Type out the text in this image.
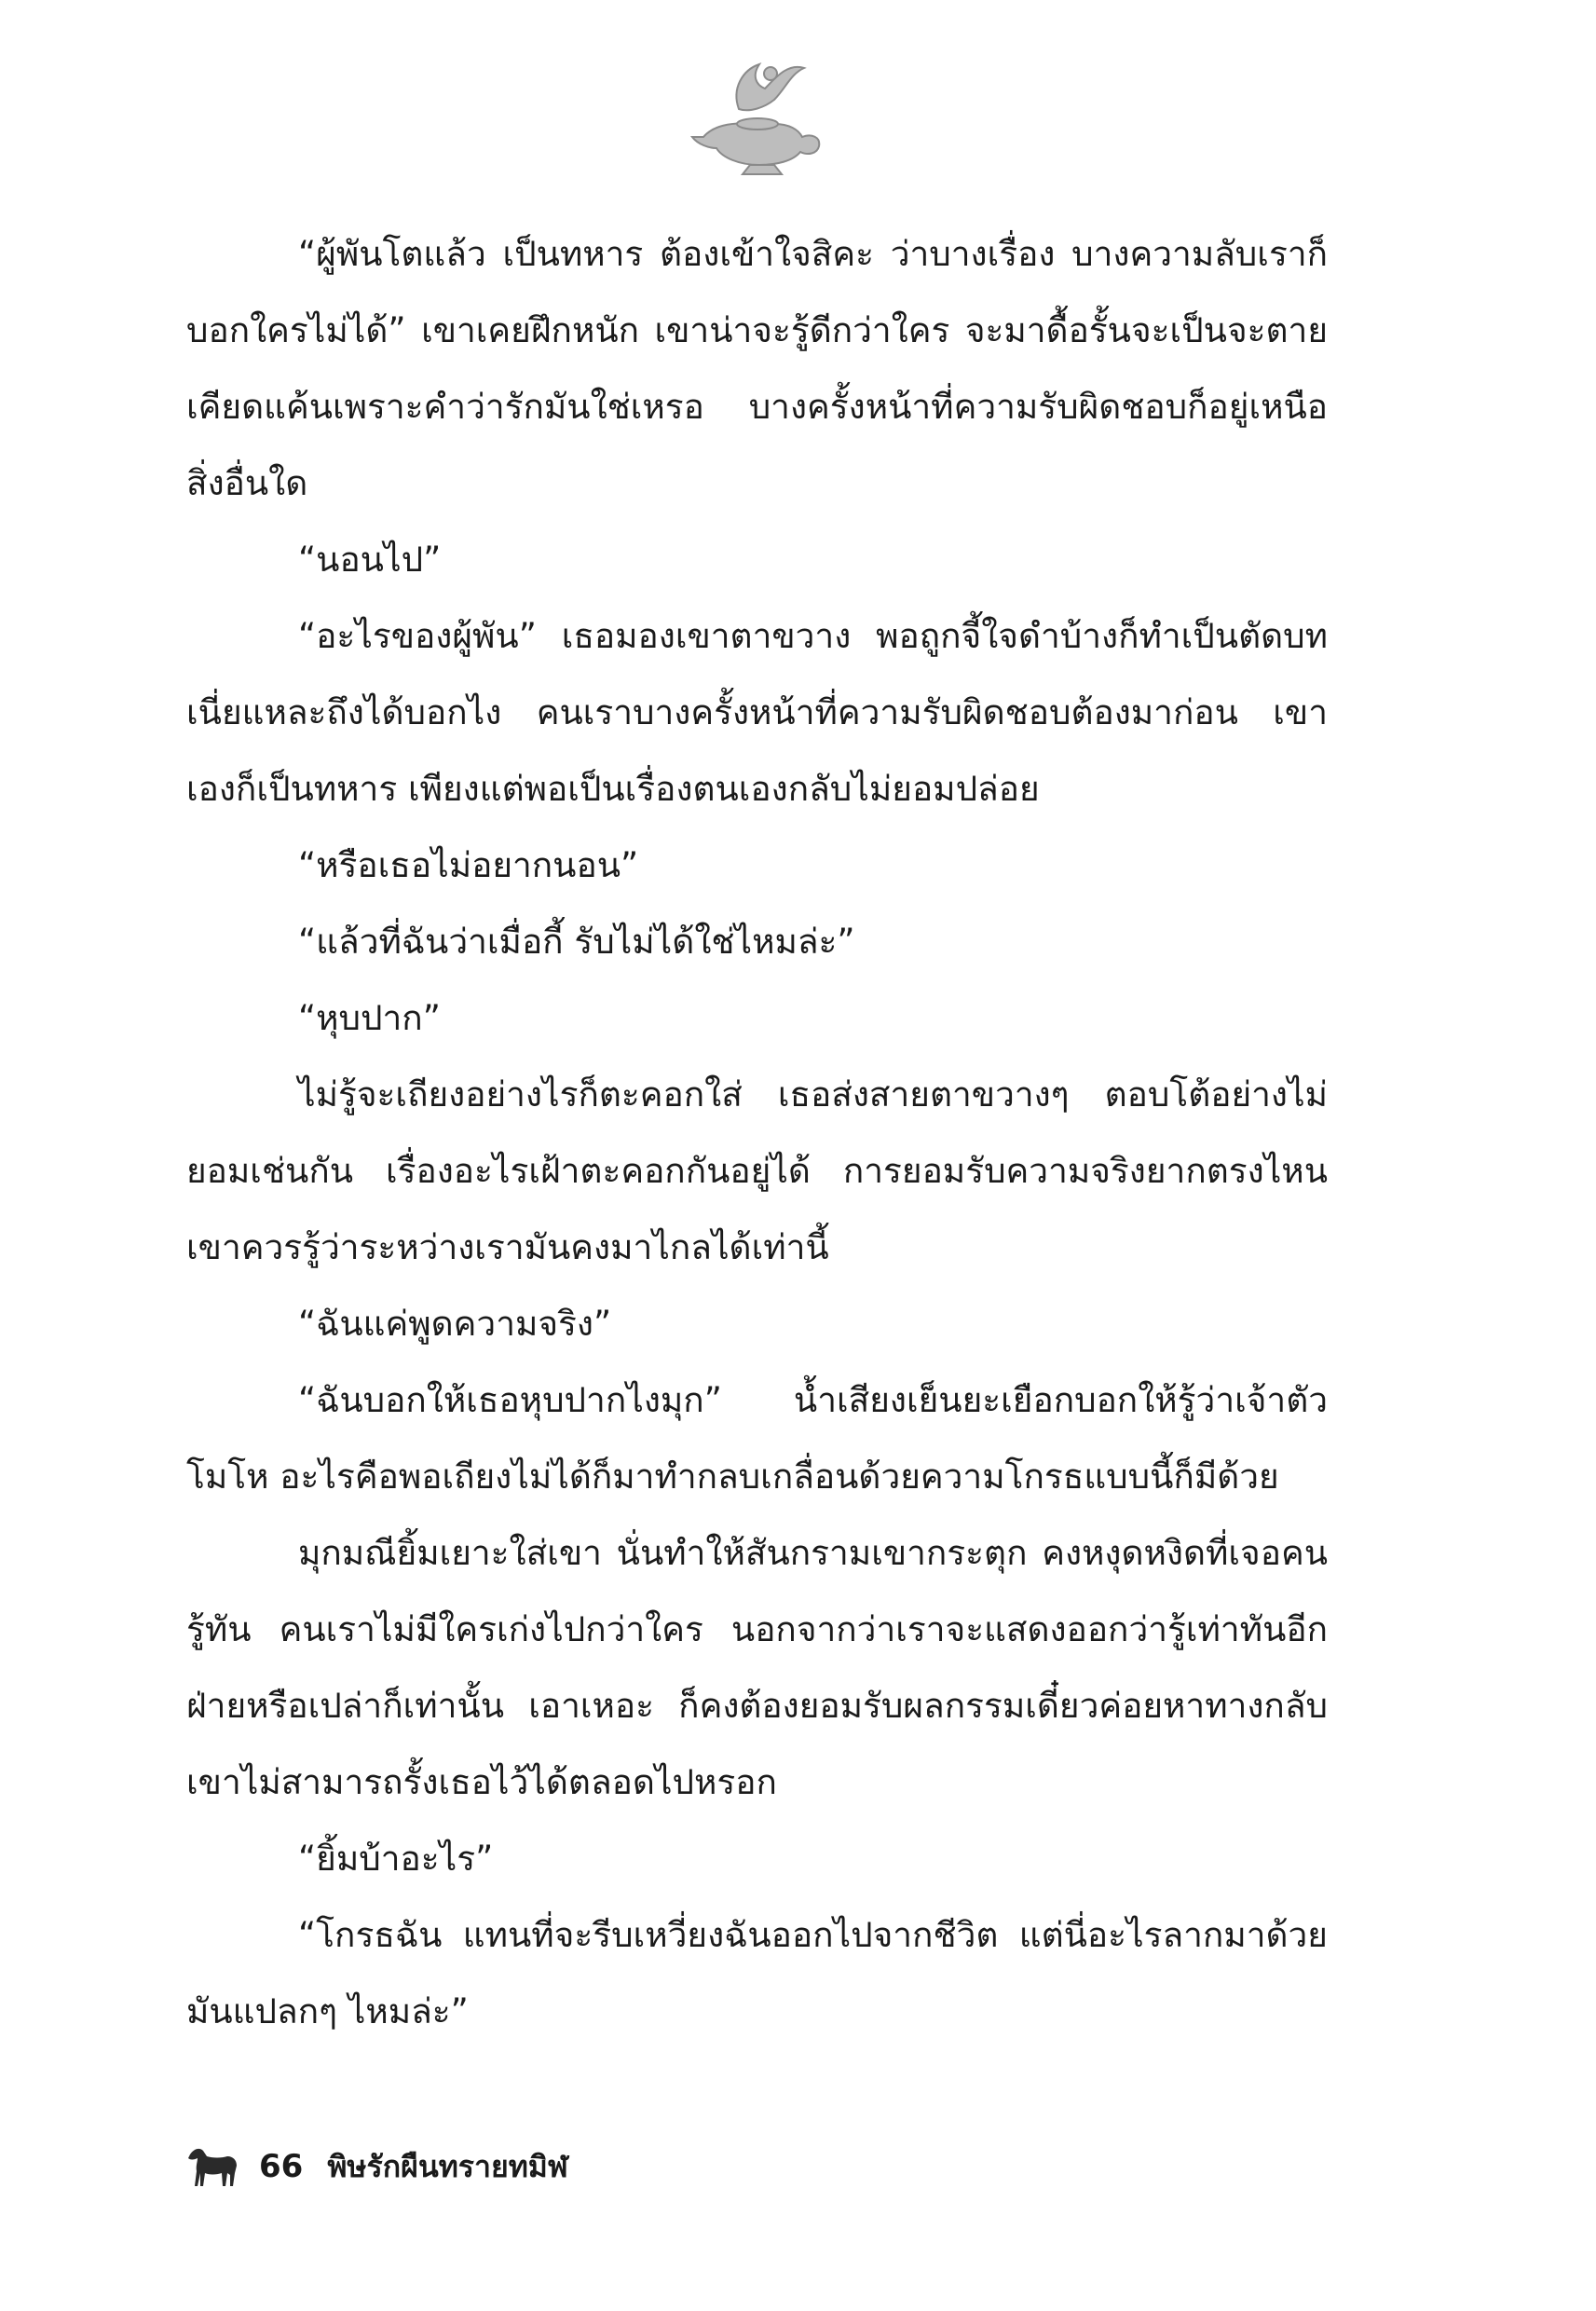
“ผู้พันโตแล้ว เป็นทหาร ต้องเข้าใจสิคะ ว่าบางเรื่อง บางความลับเราก็บอกใครไม่ได้” เขาเคยฝึกหนัก เขาน่าจะรู้ดีกว่าใคร จะมาดื้อรั้นจะเป็นจะตายเคียดแค้นเพราะคำว่ารักมันใช่เหรอ บางครั้งหน้าที่ความรับผิดชอบก็อยู่เหนือสิ่งอื่นใด

“นอนไป”

“อะไรของผู้พัน” เธอมองเขาตาขวาง พอถูกจี้ใจดำบ้างก็ทำเป็นตัดบท เนี่ยแหละถึงได้บอกไง คนเราบางครั้งหน้าที่ความรับผิดชอบต้องมาก่อน เขาเองก็เป็นทหาร เพียงแต่พอเป็นเรื่องตนเองกลับไม่ยอมปล่อย

“หรือเธอไม่อยากนอน”

“แล้วที่ฉันว่าเมื่อกี้ รับไม่ได้ใช่ไหมล่ะ”

“หุบปาก”

ไม่รู้จะเถียงอย่างไรก็ตะคอกใส่ เธอส่งสายตาขวางๆ ตอบโต้อย่างไม่ยอมเช่นกัน เรื่องอะไรเฝ้าตะคอกกันอยู่ได้ การยอมรับความจริงยากตรงไหน เขาควรรู้ว่าระหว่างเรามันคงมาไกลได้เท่านี้

“ฉันแค่พูดความจริง”

“ฉันบอกให้เธอหุบปากไงมุก” น้ำเสียงเย็นยะเยือกบอกให้รู้ว่าเจ้าตัวโมโห อะไรคือพอเถียงไม่ได้ก็มาทำกลบเกลื่อนด้วยความโกรธแบบนี้ก็มีด้วย

มุกมณียิ้มเยาะใส่เขา นั่นทำให้สันกรามเขากระตุก คงหงุดหงิดที่เจอคนรู้ทัน คนเราไม่มีใครเก่งไปกว่าใคร นอกจากว่าเราจะแสดงออกว่ารู้เท่าทันอีกฝ่ายหรือเปล่าก็เท่านั้น เอาเหอะ ก็คงต้องยอมรับผลกรรมเดี๋ยวค่อยหาทางกลับ เขาไม่สามารถรั้งเธอไว้ได้ตลอดไปหรอก

“ยิ้มบ้าอะไร”

“โกรธฉัน แทนที่จะรีบเหวี่ยงฉันออกไปจากชีวิต แต่นี่อะไรลากมาด้วย มันแปลกๆ ไหมล่ะ”

66 พิษรักผืนทรายทมิฬ
